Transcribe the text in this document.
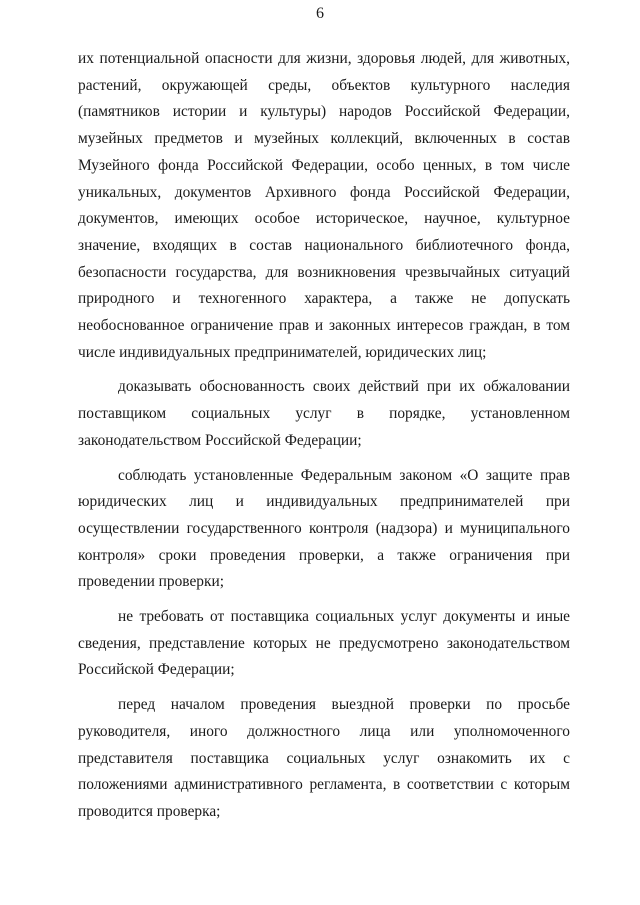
6

их потенциальной опасности для жизни, здоровья людей, для животных, растений, окружающей среды, объектов культурного наследия (памятников истории и культуры) народов Российской Федерации, музейных предметов и музейных коллекций, включенных в состав Музейного фонда Российской Федерации, особо ценных, в том числе уникальных, документов Архивного фонда Российской Федерации, документов, имеющих особое историческое, научное, культурное значение, входящих в состав национального библиотечного фонда, безопасности государства, для возникновения чрезвычайных ситуаций природного и техногенного характера, а также не допускать необоснованное ограничение прав и законных интересов граждан, в том числе индивидуальных предпринимателей, юридических лиц;

доказывать обоснованность своих действий при их обжаловании поставщиком социальных услуг в порядке, установленном законодательством Российской Федерации;

соблюдать установленные Федеральным законом «О защите прав юридических лиц и индивидуальных предпринимателей при осуществлении государственного контроля (надзора) и муниципального контроля» сроки проведения проверки, а также ограничения при проведении проверки;

не требовать от поставщика социальных услуг документы и иные сведения, представление которых не предусмотрено законодательством Российской Федерации;

перед началом проведения выездной проверки по просьбе руководителя, иного должностного лица или уполномоченного представителя поставщика социальных услуг ознакомить их с положениями административного регламента, в соответствии с которым проводится проверка;
